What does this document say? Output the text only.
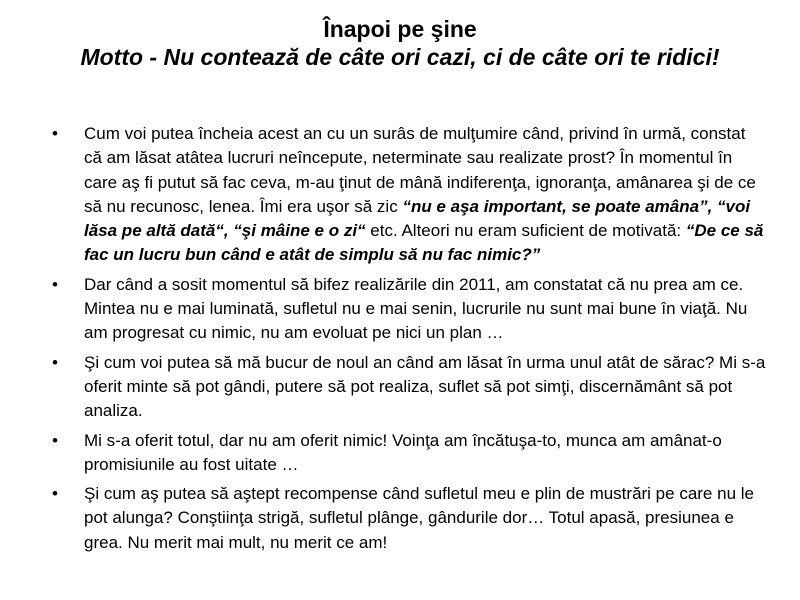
Înapoi pe şine
Motto - Nu contează de câte ori cazi, ci de câte ori te ridici!
• Cum voi putea încheia acest an cu un surâs de mulţumire când, privind în urmă, constat că am lăsat atâtea lucruri neîncepute, neterminate sau realizate prost? În momentul în care aş fi putut să fac ceva, m-au ţinut de mână indiferenţa, ignoranţa, amânarea şi de ce să nu recunosc, lenea. Îmi era uşor să zic “nu e aşa important, se poate amâna”, “voi lăsa pe altă dată“, “şi mâine e o zi“ etc. Alteori nu eram suficient de motivată: “De ce să fac un lucru bun când e atât de simplu să nu fac nimic?”
• Dar când a sosit momentul să bifez realizările din 2011, am constatat că nu prea am ce. Mintea nu e mai luminată, sufletul nu e mai senin, lucrurile nu sunt mai bune în viaţă. Nu am progresat cu nimic, nu am evoluat pe nici un plan …
• Şi cum voi putea să mă bucur de noul an când am lăsat în urma unul atât de sărac? Mi s-a oferit minte să pot gândi, putere să pot realiza, suflet să pot simţi, discernământ să pot analiza.
• Mi s-a oferit totul, dar nu am oferit nimic! Voinţa am încătuşa-to, munca am amânat-o promisiunile au fost uitate …
• Şi cum aş putea să aştept recompense când sufletul meu e plin de mustrări pe care nu le pot alunga? Conştiinţa strigă, sufletul plânge, gândurile dor… Totul apasă, presiunea e grea. Nu merit mai mult, nu merit ce am!
